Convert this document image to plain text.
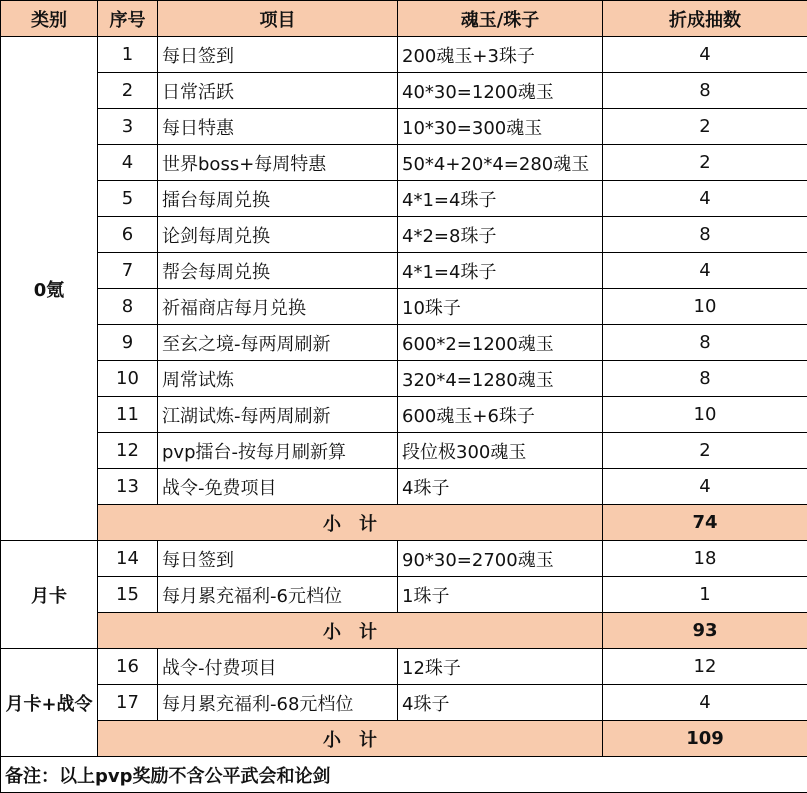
类别	序号	项目	魂玉/珠子	折成抽数
0氪	1	每日签到	200魂玉+3珠子	4
	2	日常活跃	40*30=1200魂玉	8
	3	每日特惠	10*30=300魂玉	2
	4	世界boss+每周特惠	50*4+20*4=280魂玉	2
	5	擂台每周兑换	4*1=4珠子	4
	6	论剑每周兑换	4*2=8珠子	8
	7	帮会每周兑换	4*1=4珠子	4
	8	祈福商店每月兑换	10珠子	10
	9	至玄之境-每两周刷新	600*2=1200魂玉	8
	10	周常试炼	320*4=1280魂玉	8
	11	江湖试炼-每两周刷新	600魂玉+6珠子	10
	12	pvp擂台-按每月刷新算	段位极300魂玉	2
	13	战令-免费项目	4珠子	4
	小　计			74
月卡	14	每日签到	90*30=2700魂玉	18
	15	每月累充福利-6元档位	1珠子	1
	小　计			93
月卡+战令	16	战令-付费项目	12珠子	12
	17	每月累充福利-68元档位	4珠子	4
	小　计			109
备注：以上pvp奖励不含公平武会和论剑				
